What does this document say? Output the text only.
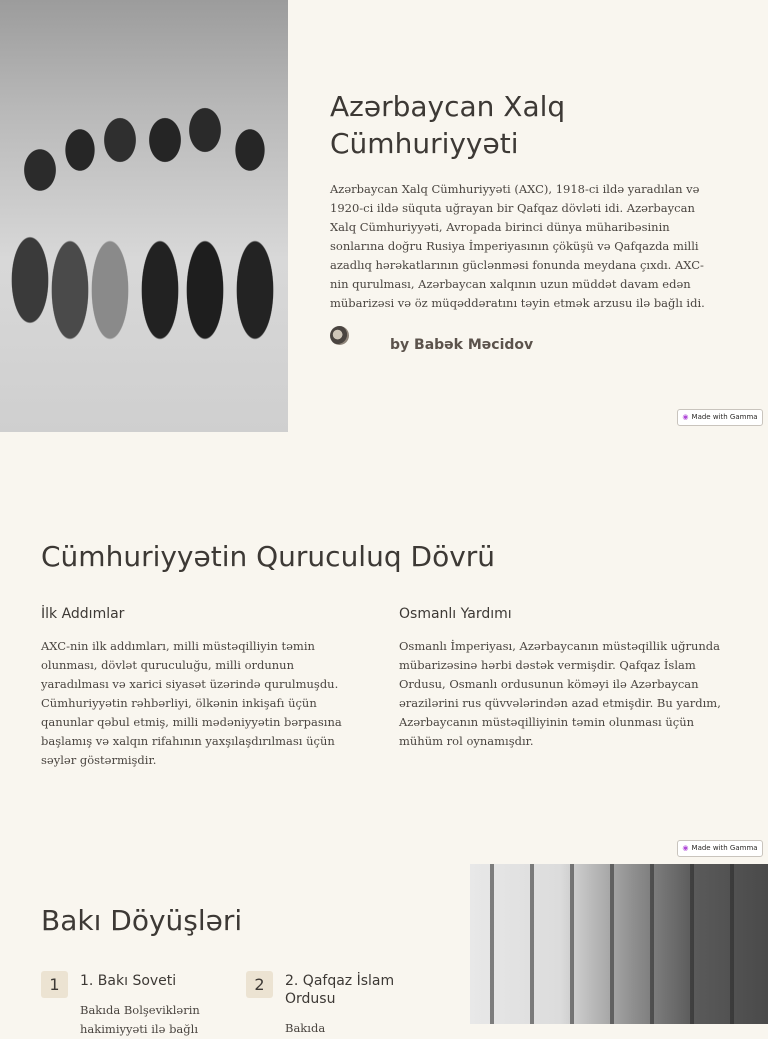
Azərbaycan Xalq Cümhuriyyəti

Azərbaycan Xalq Cümhuriyyəti (AXC), 1918-ci ildə yaradılan və 1920-ci ildə süquta uğrayan bir Qafqaz dövləti idi. Azərbaycan Xalq Cümhuriyyəti, Avropada birinci dünya müharibəsinin sonlarına doğru Rusiya İmperiyasının çöküşü və Qafqazda milli azadlıq hərəkatlarının güclənməsi fonunda meydana çıxdı. AXC-nin qurulması, Azərbaycan xalqının uzun müddət davam edən mübarizəsi və öz müqəddəratını təyin etmək arzusu ilə bağlı idi.

by Babək Məcidov

◉ Made with Gamma
Cümhuriyyətin Quruculuq Dövrü
İlk Addımlar

AXC-nin ilk addımları, milli müstəqilliyin təmin olunması, dövlət quruculuğu, milli ordunun yaradılması və xarici siyasət üzərində qurulmuşdu. Cümhuriyyətin rəhbərliyi, ölkənin inkişafı üçün qanunlar qəbul etmiş, milli mədəniyyətin bərpasına başlamış və xalqın rifahının yaxşılaşdırılması üçün səylər göstərmişdir.

Osmanlı Yardımı

Osmanlı İmperiyası, Azərbaycanın müstəqillik uğrunda mübarizəsinə hərbi dəstək vermişdir. Qafqaz İslam Ordusu, Osmanlı ordusunun köməyi ilə Azərbaycan ərazilərini rus qüvvələrindən azad etmişdir. Bu yardım, Azərbaycanın müstəqilliyinin təmin olunması üçün mühüm rol oynamışdır.

◉ Made with Gamma
Bakı Döyüşləri
1	1. Bakı Soveti

Bakıda Bolşeviklərin hakimiyyəti ilə bağlı

2	2. Qafqaz İslam Ordusu

Bakıda
